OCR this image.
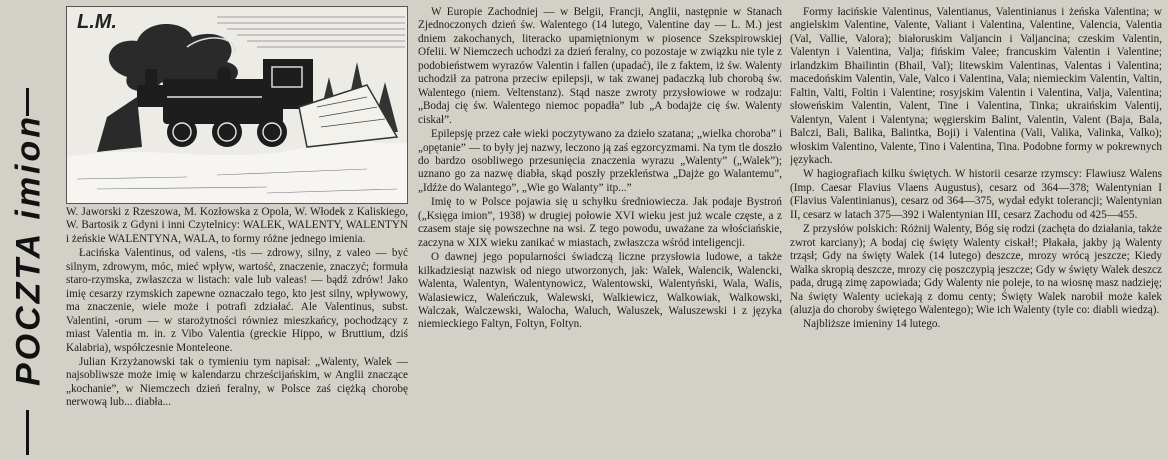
POCZTA imion
L.M.

W. Jaworski z Rzeszowa, M. Kozłowska z Opola, W. Włodek z Kaliskiego, W. Bartosik z Gdyni i inni Czytelnicy: WALEK, WALENTY, WALENTYN i żeńskie WALENTYNA, WALA, to formy różne jednego imienia.

Łacińska Valentinus, od valens, -tis — zdrowy, silny, z valeo — być silnym, zdrowym, móc, mieć wpływ, wartość, znaczenie, znaczyć; formuła staro-rzymska, zwłaszcza w listach: vale lub valeas! — bądź zdrów! Jako imię cesarzy rzymskich zapewne oznaczało tego, kto jest silny, wpływowy, ma znaczenie, wiele może i potrafi zdziałać. Ale Valentinus, subst. Valentini, -orum — w starożytności równiez mieszkańcy, pochodzący z miast Valentia m. in. z Vibo Valentia (greckie Hippo, w Bruttium, dziś Kalabria), współczesnie Monteleone.

Julian Krzyżanowski tak o tymieniu tym napisał: „Walenty, Walek — najsobliwsze może imię w kalendarzu chrześcijańskim, w Anglii znaczące „kochanie”, w Niemczech dzień feralny, w Polsce zaś ciężką chorobę nerwową lub... diabła...

W Europie Zachodniej — w Belgii, Francji, Anglii, następnie w Stanach Zjednoczonych dzień św. Walentego (14 lutego, Valentine day — L. M.) jest dniem zakochanych, literacko upamiętnionym w piosence Szekspirowskiej Ofelii. W Niemczech uchodzi za dzień feralny, co pozostaje w związku nie tyle z podobieństwem wyrazów Valentin i fallen (upadać), ile z faktem, iż św. Walenty uchodził za patrona przeciw epilepsji, w tak zwanej padaczką lub chorobą św. Walentego (niem. Veltenstanz). Stąd nasze zwroty przysłowiowe w rodzaju: „Bodaj cię św. Walentego niemoc popadła” lub „A bodajże cię św. Walenty ciskał”.

Epilepsję przez całe wieki poczytywano za dzieło szatana; „wielka choroba” i „opętanie” — to były jej nazwy, leczono ją zaś egzorcyzmami. Na tym tle doszło do bardzo osobliwego przesunięcia znaczenia wyrazu „Walenty” („Walek”); uznano go za nazwę diabła, skąd poszły przekleństwa „Dajże go Walantemu”, „Idźże do Walantego”, „Wie go Walanty” itp...”

Imię to w Polsce pojawia się u schyłku średniowiecza. Jak podaje Bystroń („Księga imion”, 1938) w drugiej połowie XVI wieku jest już wcale częste, a z czasem staje się powszechne na wsi. Z tego powodu, uważane za włościańskie, zaczyna w XIX wieku zanikać w miastach, zwłaszcza wśród inteligencji.

O dawnej jego popularności świadczą liczne przysłowia ludowe, a także kilkadziesiąt nazwisk od niego utworzonych, jak: Walek, Walencik, Walencki, Walenta, Walentyn, Walentynowicz, Walentowski, Walentyński, Wala, Walis, Walasiewicz, Waleńczuk, Walewski, Walkiewicz, Walkowiak, Walkowski, Walczak, Walczewski, Walocha, Waluch, Waluszek, Waluszewski i z języka niemieckiego Faltyn, Foltyn, Foltyn.

Formy łacińskie Valentinus, Valentianus, Valentinianus i żeńska Valentina; w angielskim Valentine, Valente, Valiant i Valentina, Valentine, Valencia, Valentia (Val, Vallie, Valora); białoruskim Valjancin i Valjancina; czeskim Valentin, Valentyn i Valentina, Valja; fińskim Valee; francuskim Valentin i Valentine; irlandzkim Bhailintin (Bhail, Val); litewskim Valentinas, Valentas i Valentina; macedońskim Valentin, Vale, Valco i Valentina, Vala; niemieckim Valentin, Valtin, Faltin, Valti, Foltin i Valentine; rosyjskim Valentin i Valentina, Valja, Valentina; słoweńskim Valentin, Valent, Tine i Valentina, Tinka; ukraińskim Valentij, Valentyn, Valent i Valentyna; węgierskim Balint, Valentin, Valent (Baja, Bala, Balczi, Bali, Balika, Balintka, Boji) i Valentina (Vali, Valika, Valinka, Valko); włoskim Valentino, Valente, Tino i Valentina, Tina. Podobne formy w pokrewnych językach.

W hagiografiach kilku świętych. W historii cesarze rzymscy: Flawiusz Walens (Imp. Caesar Flavius Vlaens Augustus), cesarz od 364—378; Walentynian I (Flavius Valentinianus), cesarz od 364—375, wydał edykt tolerancji; Walentynian II, cesarz w latach 375—392 i Walentynian III, cesarz Zachodu od 425—455.

Z przysłów polskich: Różnij Walenty, Bóg się rodzi (zachęta do działania, także zwrot karciany); A bodaj cię święty Walenty ciskał!; Płakała, jakby ją Walenty trząsł; Gdy na święty Walek (14 lutego) deszcze, mrozy wrócą jeszcze; Kiedy Walka skropią deszcze, mrozy cię poszczypią jeszcze; Gdy w święty Walek deszcz pada, drugą zimę zapowiada; Gdy Walenty nie poleje, to na wiosnę masz nadzieję; Na święty Walenty uciekają z domu centy; Święty Walek narobił może kalek (aluzja do choroby świętego Walentego); Wie ich Walenty (tyle co: diabli wiedzą).

Najbliższe imieniny 14 lutego.
